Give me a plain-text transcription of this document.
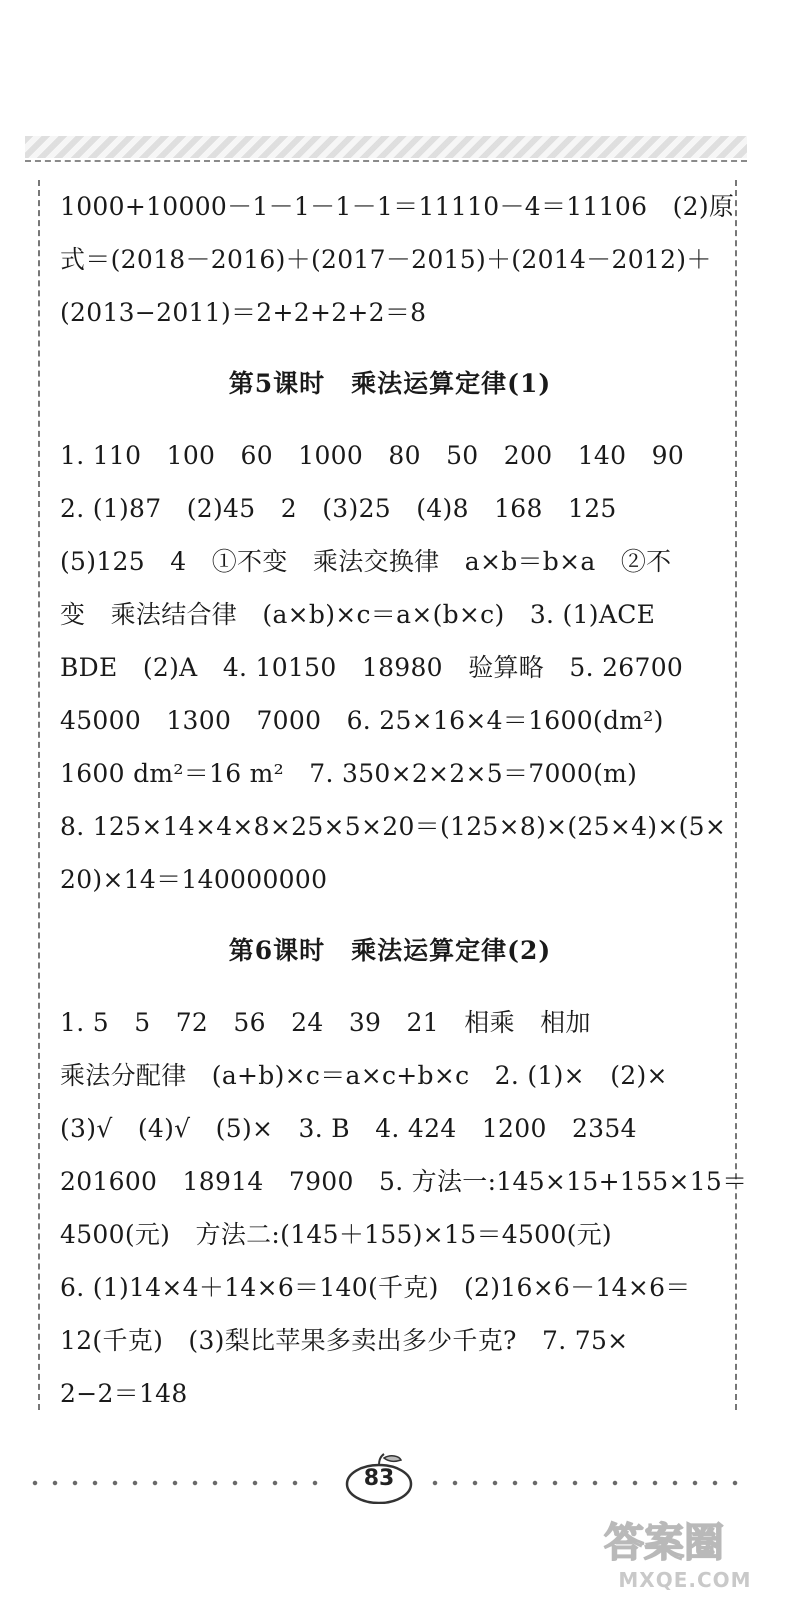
1000+10000－1－1－1－1＝11110－4＝11106　(2)原
式＝(2018－2016)＋(2017－2015)＋(2014－2012)＋
(2013−2011)＝2+2+2+2＝8
第5课时　乘法运算定律(1)
1. 110　100　60　1000　80　50　200　140　90
2. (1)87　(2)45　2　(3)25　(4)8　168　125
(5)125　4　①不变　乘法交换律　a×b＝b×a　②不
变　乘法结合律　(a×b)×c＝a×(b×c)　3. (1)ACE
BDE　(2)A　4. 10150　18980　验算略　5. 26700
45000　1300　7000　6. 25×16×4＝1600(dm²)
1600 dm²＝16 m²　7. 350×2×2×5＝7000(m)
8. 125×14×4×8×25×5×20＝(125×8)×(25×4)×(5×
20)×14＝140000000
第6课时　乘法运算定律(2)
1. 5　5　72　56　24　39　21　相乘　相加
乘法分配律　(a+b)×c＝a×c+b×c　2. (1)×　(2)×
(3)√　(4)√　(5)×　3. B　4. 424　1200　2354
201600　18914　7900　5. 方法一:145×15+155×15＝
4500(元)　方法二:(145＋155)×15＝4500(元)
6. (1)14×4＋14×6＝140(千克)　(2)16×6－14×6＝
12(千克)　(3)梨比苹果多卖出多少千克?　7. 75×
2−2＝148
83
答案圈
MXQE.COM
